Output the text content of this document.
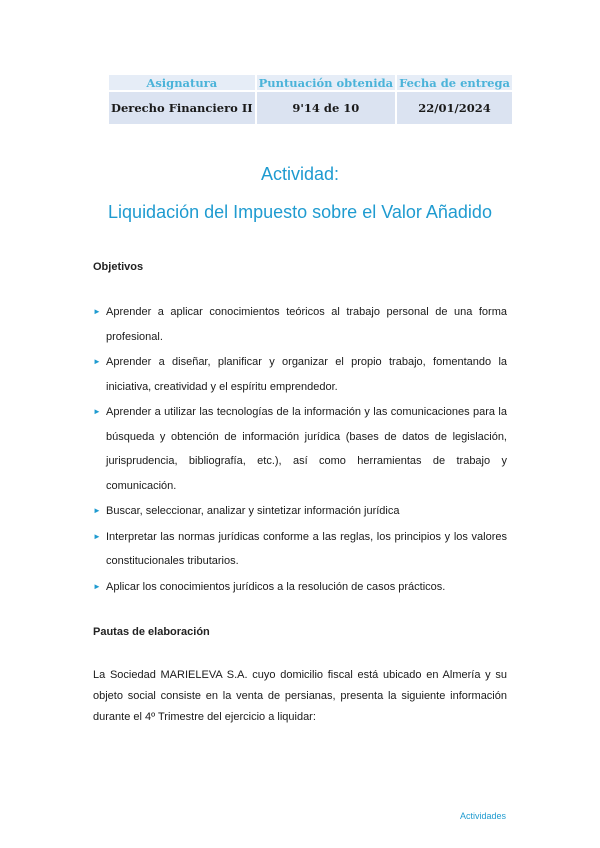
Asignatura	Puntuación obtenida	Fecha de entrega
Derecho Financiero II	9'14 de 10	22/01/2024
Actividad:
Liquidación del Impuesto sobre el Valor Añadido
Objetivos
► Aprender a aplicar conocimientos teóricos al trabajo personal de una forma profesional.
► Aprender a diseñar, planificar y organizar el propio trabajo, fomentando la iniciativa, creatividad y el espíritu emprendedor.
► Aprender a utilizar las tecnologías de la información y las comunicaciones para la búsqueda y obtención de información jurídica (bases de datos de legislación, jurisprudencia, bibliografía, etc.), así como herramientas de trabajo y comunicación.
► Buscar, seleccionar, analizar y sintetizar información jurídica
► Interpretar las normas jurídicas conforme a las reglas, los principios y los valores constitucionales tributarios.
► Aplicar los conocimientos jurídicos a la resolución de casos prácticos.
Pautas de elaboración

La Sociedad MARIELEVA S.A. cuyo domicilio fiscal está ubicado en Almería y su objeto social consiste en la venta de persianas, presenta la siguiente información durante el 4º Trimestre del ejercicio a liquidar:

Actividades
